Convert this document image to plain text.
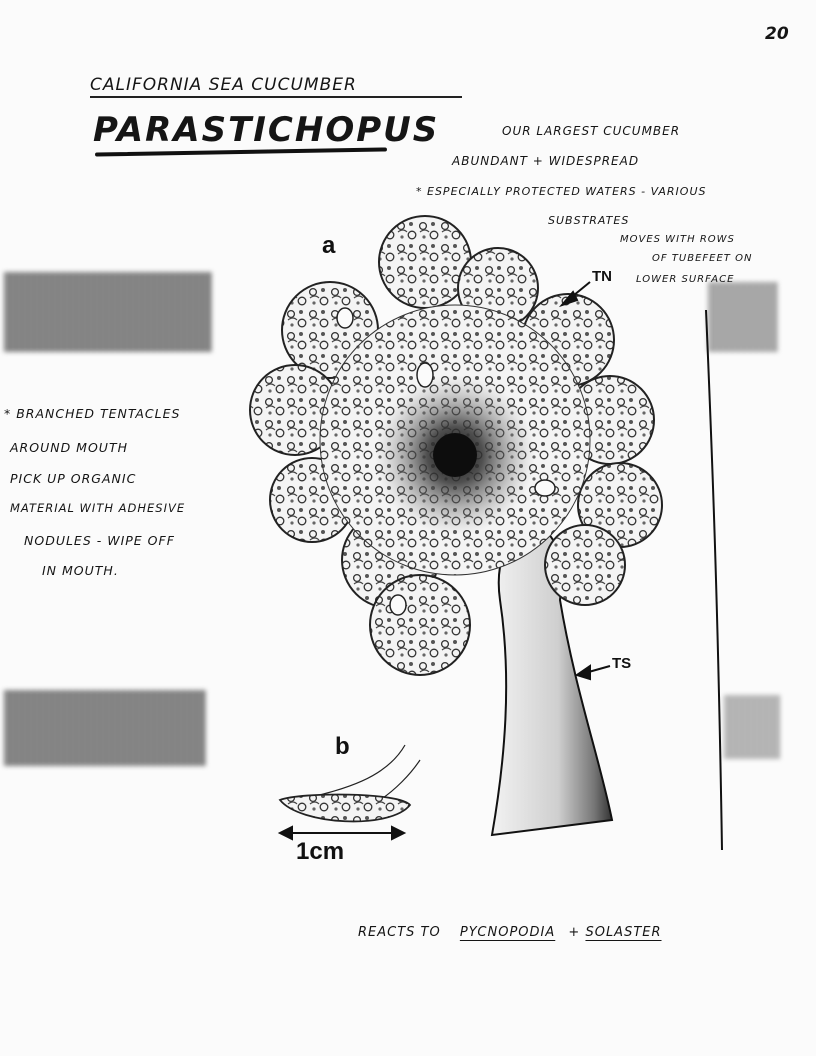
20
CALIFORNIA SEA CUCUMBER
PARASTICHOPUS	OUR LARGEST CUCUMBER
ABUNDANT + WIDESPREAD
* ESPECIALLY PROTECTED WATERS - VARIOUS
SUBSTRATES
MOVES WITH ROWS
OF TUBEFEET ON
LOWER SURFACE
* BRANCHED TENTACLES
AROUND MOUTH
PICK UP ORGANIC
MATERIAL WITH ADHESIVE
NODULES - WIPE OFF
IN MOUTH.
a
TN
TS
b
1cm
REACTS TO PYCNOPODIA + SOLASTER
